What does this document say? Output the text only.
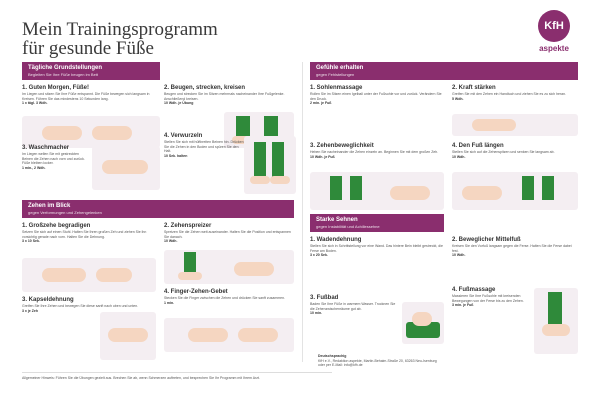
Mein Trainingsprogramm
für gesunde Füße
KfH
aspekte
Tägliche Grundstellungen
Begleiten Sie Ihre Füße beugen im Bett
1. Guten Morgen, Füße!
Im Liegen und sitzen Sie Ihre Füße entspannt. Die Füße bewegen sich langsam in Kreisen. Führen Sie das mindestens 10 Sekunden lang.
1 x tägl. 3 Wdh.
3. Waschmacher
Im Liegen wellen Sie mit gestreckten Beinen die Zehen nach vorn und zurück. Füße bleiben locker.
1 min., 2 Wdh.
2. Beugen, strecken, kreisen
Beugen und strecken Sie im Sitzen mehrmals nacheinander Ihre Fußgelenke. Anschließend kreisen.
10 Wdh. je Übung
4. Verwurzeln
Stellen Sie sich mit hüftbreiten Beinen hin. Drücken Sie die Zehen in den Boden und spüren Sie den Halt.
10 Sek. halten
Zehen im Blick
gegen Verformungen und Zehengelenken
1. Großzehe begradigen
Setzen Sie sich auf einen Stuhl. Halten Sie Ihren großen Zeh und ziehen Sie ihn vorsichtig gerade nach vorn. Halten Sie die Dehnung.
3 x 10 Sek.
3. Kapseldehnung
Greifen Sie Ihre Zehen und bewegen Sie diese sanft nach oben und unten.
3 x je Zeh
2. Zehenspreizer
Spreizen Sie die Zehen weit auseinander. Halten Sie die Position und entspannen Sie danach.
10 Wdh.
4. Finger-Zehen-Gebet
Stecken Sie die Finger zwischen die Zehen und drücken Sie sanft zusammen.
1 min.
Gefühle erhalten
gegen Fehlstellungen
1. Sohlenmassage
Rollen Sie im Sitzen einen Igelball unter der Fußsohle vor und zurück. Verändern Sie den Druck.
2 min. je Fuß
3. Zehenbeweglichkeit
Heben Sie nacheinander die Zehen einzeln an. Beginnen Sie mit dem großen Zeh.
10 Wdh. je Fuß
2. Kraft stärken
Greifen Sie mit den Zehen ein Handtuch und ziehen Sie es zu sich heran.
5 Wdh.
4. Den Fuß längen
Stellen Sie sich auf die Zehenspitzen und senken Sie langsam ab.
10 Wdh.
Starke Sehnen
gegen Instabilität und Achillessehne
1. Wadendehnung
Stellen Sie sich in Schrittstellung vor eine Wand. Das hintere Bein bleibt gestreckt, die Ferse am Boden.
3 x 20 Sek.
3. Fußbad
Baden Sie Ihre Füße in warmem Wasser. Trocknen Sie die Zehenzwischenräume gut ab.
10 min.
2. Beweglicher Mittelfuß
Kreisen Sie den Vorfuß langsam gegen die Ferse. Halten Sie die Ferse dabei fest.
10 Wdh.
4. Fußmassage
Massieren Sie Ihre Fußsohle mit kreisenden Bewegungen von der Ferse bis zu den Zehen.
3 min. je Fuß
Allgemeiner Hinweis: Führen Sie die Übungen gezielt aus. Brechen Sie ab, wenn Schmerzen auftreten, und besprechen Sie Ihr Programm mit Ihrem Arzt.
Deutschsprachig
KfH e.V., Redaktion aspekte, Martin-Behaim-Straße 20, 63263 Neu-Isenburg oder per E-Mail: info@kfh.de
